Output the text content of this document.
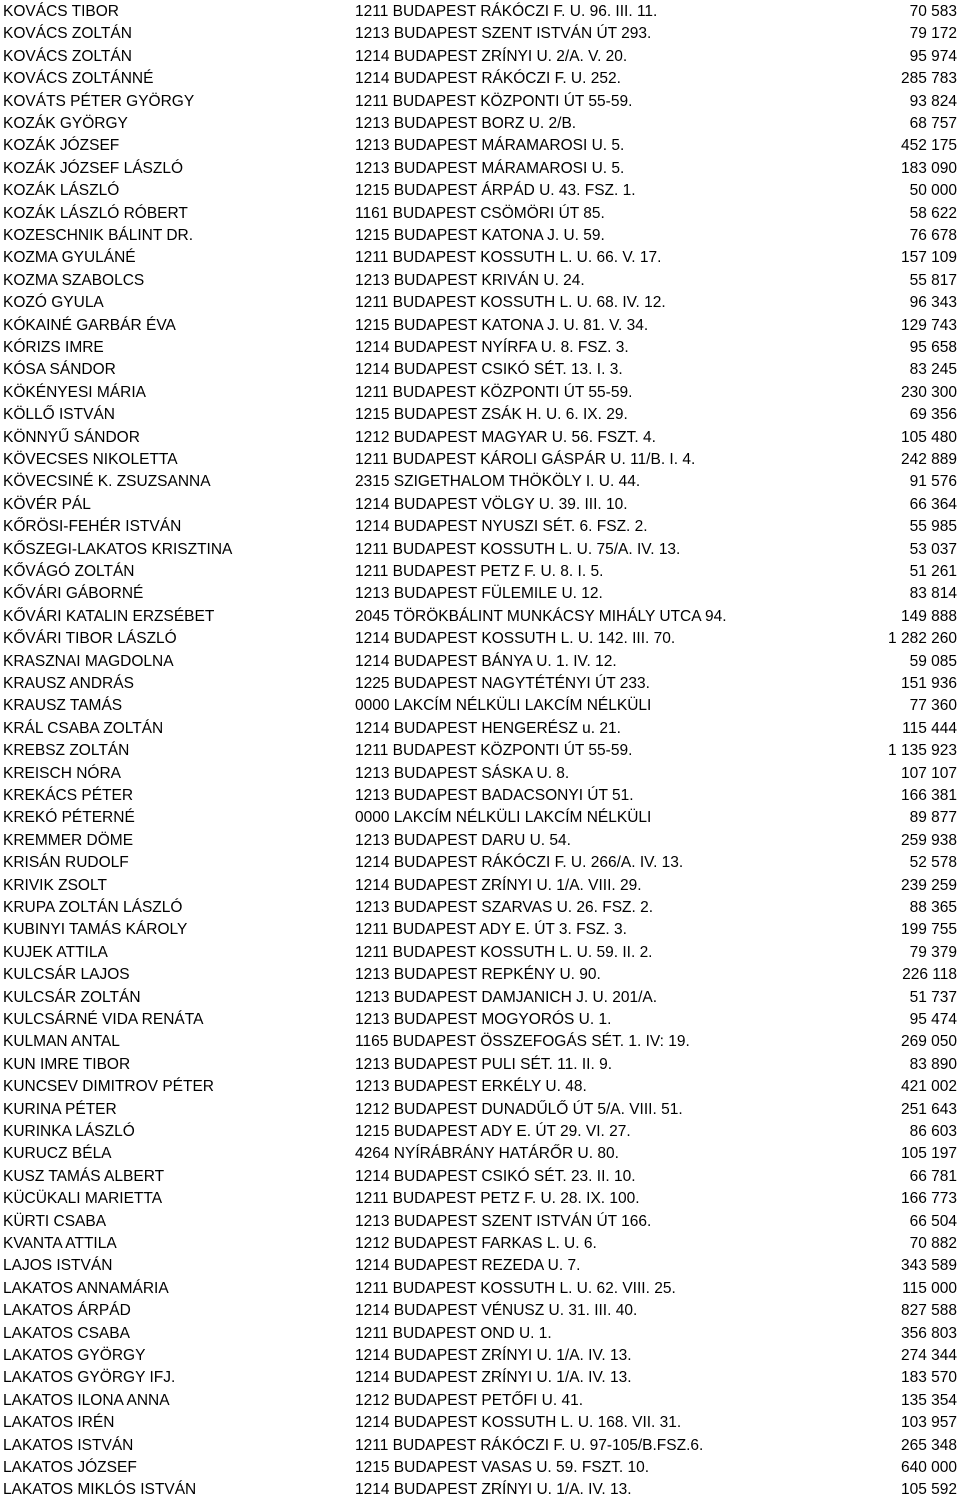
KOVÁCS TIBOR	1211 BUDAPEST RÁKÓCZI F. U. 96. III. 11.	70 583
KOVÁCS ZOLTÁN	1213 BUDAPEST SZENT ISTVÁN ÚT 293.	79 172
KOVÁCS ZOLTÁN	1214 BUDAPEST ZRÍNYI U. 2/A. V. 20.	95 974
KOVÁCS ZOLTÁNNÉ	1214 BUDAPEST RÁKÓCZI F. U. 252.	285 783
KOVÁTS PÉTER GYÖRGY	1211 BUDAPEST KÖZPONTI ÚT 55-59.	93 824
KOZÁK GYÖRGY	1213 BUDAPEST BORZ U. 2/B.	68 757
KOZÁK JÓZSEF	1213 BUDAPEST MÁRAMAROSI U. 5.	452 175
KOZÁK JÓZSEF LÁSZLÓ	1213 BUDAPEST MÁRAMAROSI U. 5.	183 090
KOZÁK LÁSZLÓ	1215 BUDAPEST ÁRPÁD U. 43. FSZ. 1.	50 000
KOZÁK LÁSZLÓ RÓBERT	1161 BUDAPEST CSÖMÖRI ÚT 85.	58 622
KOZESCHNIK BÁLINT DR.	1215 BUDAPEST KATONA J. U. 59.	76 678
KOZMA GYULÁNÉ	1211 BUDAPEST KOSSUTH L. U. 66. V. 17.	157 109
KOZMA SZABOLCS	1213 BUDAPEST KRIVÁN U. 24.	55 817
KOZÓ GYULA	1211 BUDAPEST KOSSUTH L. U. 68. IV. 12.	96 343
KÓKAINÉ GARBÁR ÉVA	1215 BUDAPEST KATONA J. U. 81. V. 34.	129 743
KÓRIZS IMRE	1214 BUDAPEST NYÍRFA U. 8. FSZ. 3.	95 658
KÓSA SÁNDOR	1214 BUDAPEST CSIKÓ SÉT. 13. I. 3.	83 245
KÖKÉNYESI MÁRIA	1211 BUDAPEST KÖZPONTI ÚT 55-59.	230 300
KÖLLŐ ISTVÁN	1215 BUDAPEST ZSÁK H. U. 6. IX. 29.	69 356
KÖNNYŰ SÁNDOR	1212 BUDAPEST MAGYAR U. 56. FSZT. 4.	105 480
KÖVECSES NIKOLETTA	1211 BUDAPEST KÁROLI GÁSPÁR U. 11/B. I. 4.	242 889
KÖVECSINÉ K. ZSUZSANNA	2315 SZIGETHALOM THÖKÖLY I. U. 44.	91 576
KÖVÉR PÁL	1214 BUDAPEST VÖLGY U. 39. III. 10.	66 364
KŐRÖSI-FEHÉR ISTVÁN	1214 BUDAPEST NYUSZI SÉT. 6. FSZ. 2.	55 985
KŐSZEGI-LAKATOS KRISZTINA	1211 BUDAPEST KOSSUTH L. U. 75/A. IV. 13.	53 037
KŐVÁGÓ ZOLTÁN	1211 BUDAPEST PETZ F. U. 8. I. 5.	51 261
KŐVÁRI GÁBORNÉ	1213 BUDAPEST FÜLEMILE U. 12.	83 814
KŐVÁRI KATALIN ERZSÉBET	2045 TÖRÖKBÁLINT MUNKÁCSY MIHÁLY UTCA 94.	149 888
KŐVÁRI TIBOR LÁSZLÓ	1214 BUDAPEST KOSSUTH L. U. 142. III. 70.	1 282 260
KRASZNAI MAGDOLNA	1214 BUDAPEST BÁNYA U. 1. IV. 12.	59 085
KRAUSZ ANDRÁS	1225 BUDAPEST NAGYTÉTÉNYI ÚT 233.	151 936
KRAUSZ TAMÁS	0000 LAKCÍM NÉLKÜLI LAKCÍM NÉLKÜLI	77 360
KRÁL CSABA ZOLTÁN	1214 BUDAPEST HENGERÉSZ u. 21.	115 444
KREBSZ ZOLTÁN	1211 BUDAPEST KÖZPONTI ÚT 55-59.	1 135 923
KREISCH NÓRA	1213 BUDAPEST SÁSKA U. 8.	107 107
KREKÁCS PÉTER	1213 BUDAPEST BADACSONYI ÚT 51.	166 381
KREKÓ PÉTERNÉ	0000 LAKCÍM NÉLKÜLI LAKCÍM NÉLKÜLI	89 877
KREMMER DÖME	1213 BUDAPEST DARU U. 54.	259 938
KRISÁN RUDOLF	1214 BUDAPEST RÁKÓCZI F. U. 266/A. IV. 13.	52 578
KRIVIK ZSOLT	1214 BUDAPEST ZRÍNYI U. 1/A. VIII. 29.	239 259
KRUPA ZOLTÁN LÁSZLÓ	1213 BUDAPEST SZARVAS U. 26. FSZ. 2.	88 365
KUBINYI TAMÁS KÁROLY	1211 BUDAPEST ADY E. ÚT 3. FSZ. 3.	199 755
KUJEK ATTILA	1211 BUDAPEST KOSSUTH L. U. 59. II. 2.	79 379
KULCSÁR LAJOS	1213 BUDAPEST REPKÉNY U. 90.	226 118
KULCSÁR ZOLTÁN	1213 BUDAPEST DAMJANICH J. U. 201/A.	51 737
KULCSÁRNÉ VIDA RENÁTA	1213 BUDAPEST MOGYORÓS U. 1.	95 474
KULMAN ANTAL	1165 BUDAPEST ÖSSZEFOGÁS SÉT. 1. IV: 19.	269 050
KUN IMRE TIBOR	1213 BUDAPEST PULI SÉT. 11. II. 9.	83 890
KUNCSEV DIMITROV PÉTER	1213 BUDAPEST ERKÉLY U. 48.	421 002
KURINA PÉTER	1212 BUDAPEST DUNADŰLŐ ÚT 5/A. VIII. 51.	251 643
KURINKA LÁSZLÓ	1215 BUDAPEST ADY E. ÚT 29. VI. 27.	86 603
KURUCZ BÉLA	4264 NYÍRÁBRÁNY HATÁRŐR U. 80.	105 197
KUSZ TAMÁS ALBERT	1214 BUDAPEST CSIKÓ SÉT. 23. II. 10.	66 781
KÜCÜKALI MARIETTA	1211 BUDAPEST PETZ F. U. 28. IX. 100.	166 773
KÜRTI CSABA	1213 BUDAPEST SZENT ISTVÁN ÚT 166.	66 504
KVANTA ATTILA	1212 BUDAPEST FARKAS L. U. 6.	70 882
LAJOS ISTVÁN	1214 BUDAPEST REZEDA U. 7.	343 589
LAKATOS ANNAMÁRIA	1211 BUDAPEST KOSSUTH L. U. 62. VIII. 25.	115 000
LAKATOS ÁRPÁD	1214 BUDAPEST VÉNUSZ U. 31. III. 40.	827 588
LAKATOS CSABA	1211 BUDAPEST OND U. 1.	356 803
LAKATOS GYÖRGY	1214 BUDAPEST ZRÍNYI U. 1/A. IV. 13.	274 344
LAKATOS GYÖRGY IFJ.	1214 BUDAPEST ZRÍNYI U. 1/A. IV. 13.	183 570
LAKATOS ILONA ANNA	1212 BUDAPEST PETŐFI U. 41.	135 354
LAKATOS IRÉN	1214 BUDAPEST KOSSUTH L. U. 168. VII. 31.	103 957
LAKATOS ISTVÁN	1211 BUDAPEST RÁKÓCZI F. U. 97-105/B.FSZ.6.	265 348
LAKATOS JÓZSEF	1215 BUDAPEST VASAS U. 59. FSZT. 10.	640 000
LAKATOS MIKLÓS ISTVÁN	1214 BUDAPEST ZRÍNYI U. 1/A. IV. 13.	105 592
